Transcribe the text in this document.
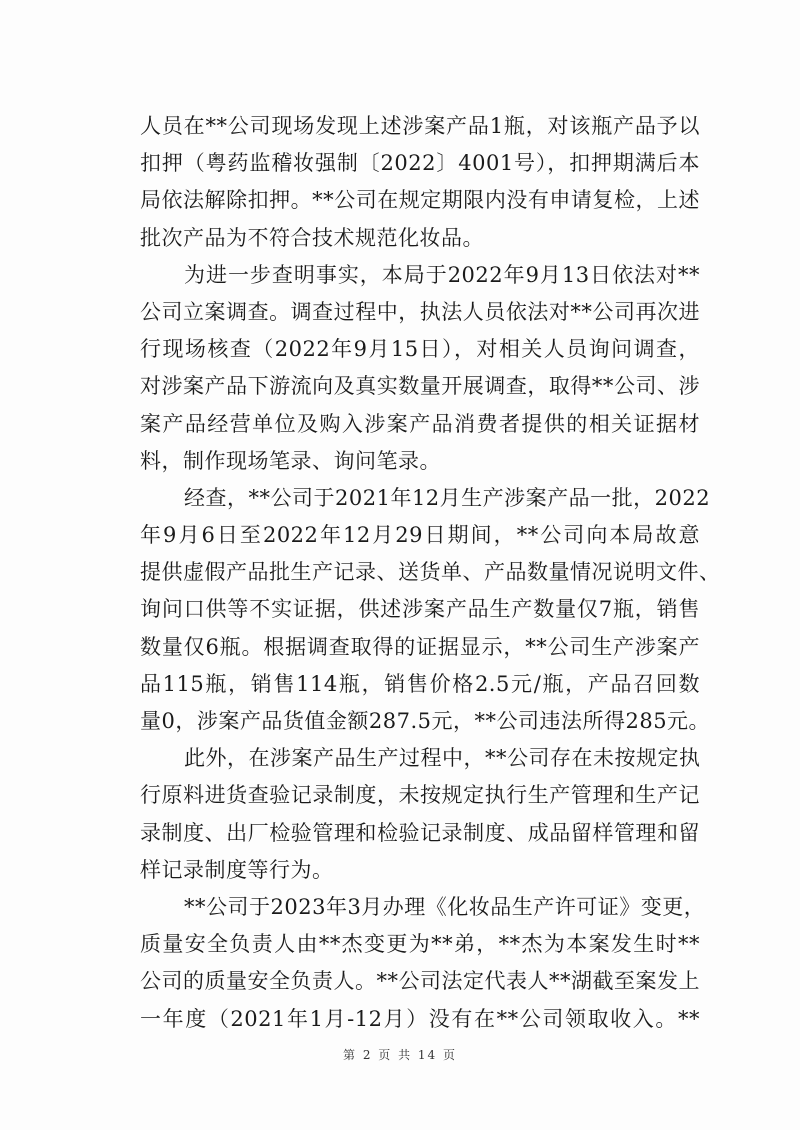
人员在**公司现场发现上述涉案产品1瓶，对该瓶产品予以
扣押（粤药监稽妆强制〔2022〕4001号），扣押期满后本
局依法解除扣押。**公司在规定期限内没有申请复检，上述
批次产品为不符合技术规范化妆品。
为进一步查明事实，本局于2022年9月13日依法对**
公司立案调查。调查过程中，执法人员依法对**公司再次进
行现场核查（2022年9月15日），对相关人员询问调查，
对涉案产品下游流向及真实数量开展调查，取得**公司、涉
案产品经营单位及购入涉案产品消费者提供的相关证据材
料，制作现场笔录、询问笔录。
经查，**公司于2021年12月生产涉案产品一批，2022
年9月6日至2022年12月29日期间，**公司向本局故意
提供虚假产品批生产记录、送货单、产品数量情况说明文件、
询问口供等不实证据，供述涉案产品生产数量仅7瓶，销售
数量仅6瓶。根据调查取得的证据显示，**公司生产涉案产
品115瓶，销售114瓶，销售价格2.5元/瓶，产品召回数
量0，涉案产品货值金额287.5元，**公司违法所得285元。
此外，在涉案产品生产过程中，**公司存在未按规定执
行原料进货查验记录制度，未按规定执行生产管理和生产记
录制度、出厂检验管理和检验记录制度、成品留样管理和留
样记录制度等行为。
**公司于2023年3月办理《化妆品生产许可证》变更，
质量安全负责人由**杰变更为**弟，**杰为本案发生时**
公司的质量安全负责人。**公司法定代表人**湖截至案发上
一年度（2021年1月-12月）没有在**公司领取收入。**
第 2 页 共 14 页
